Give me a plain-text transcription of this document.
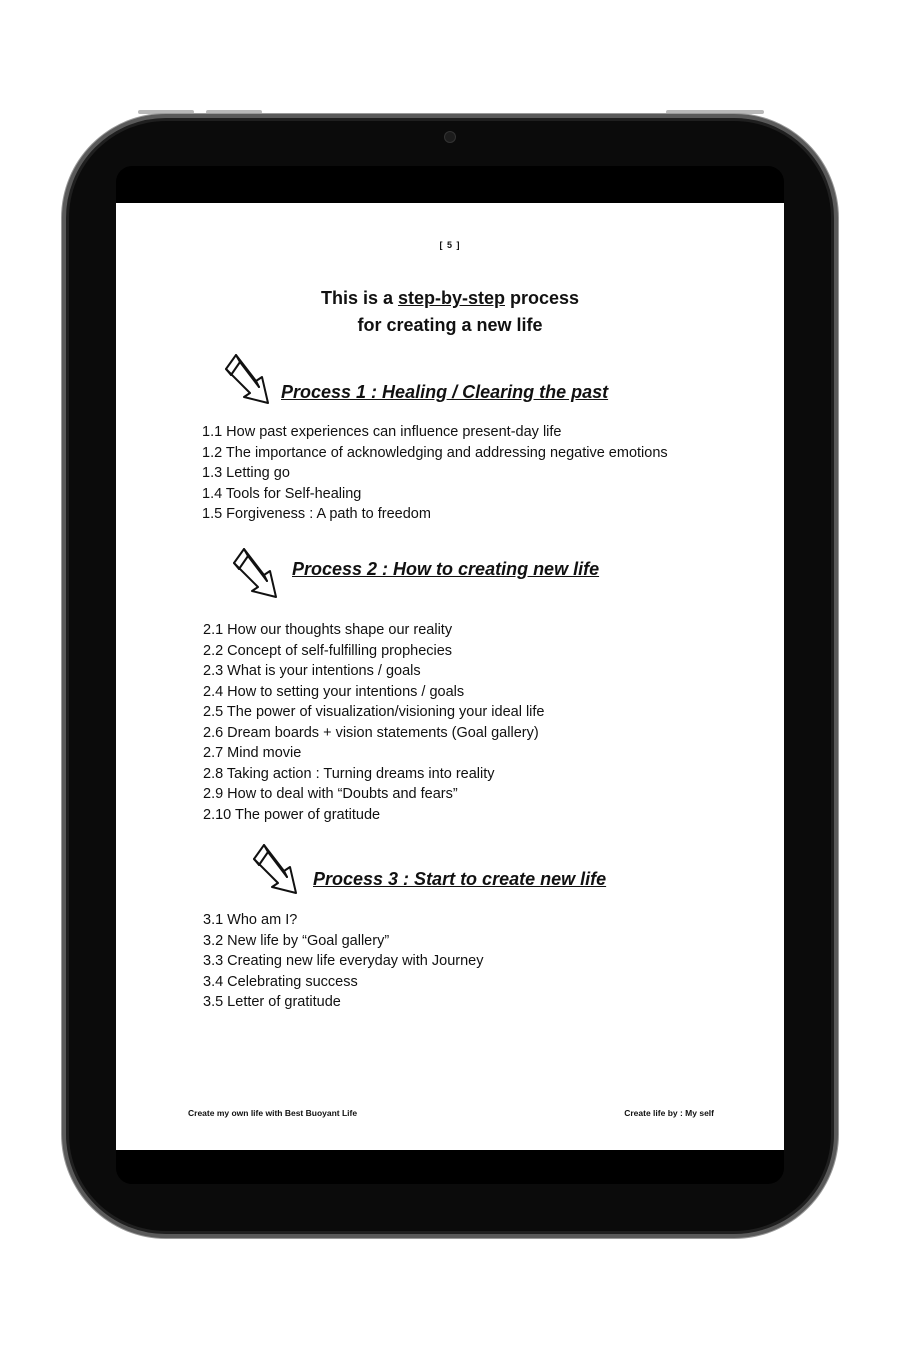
[ 5 ]
This is a step-by-step process
for creating a new life
Process 1 : Healing / Clearing the past
1.1 How past experiences can influence present-day life
1.2 The importance of acknowledging and addressing negative emotions
1.3 Letting go
1.4 Tools for Self-healing
1.5 Forgiveness : A path to freedom
Process 2 : How to creating new life
2.1 How our thoughts shape our reality
2.2 Concept of self-fulfilling prophecies
2.3 What is your intentions / goals
2.4 How to setting your intentions / goals
2.5 The power of visualization/visioning your ideal life
2.6 Dream boards + vision statements (Goal gallery)
2.7 Mind movie
2.8 Taking action : Turning dreams into reality
2.9 How to deal with “Doubts and fears”
2.10 The power of gratitude
Process 3 : Start to create new life
3.1 Who am I?
3.2 New life by “Goal gallery”
3.3 Creating new life everyday with Journey
3.4 Celebrating success
3.5 Letter of gratitude
Create my own life with Best Buoyant Life	Create life by : My self
